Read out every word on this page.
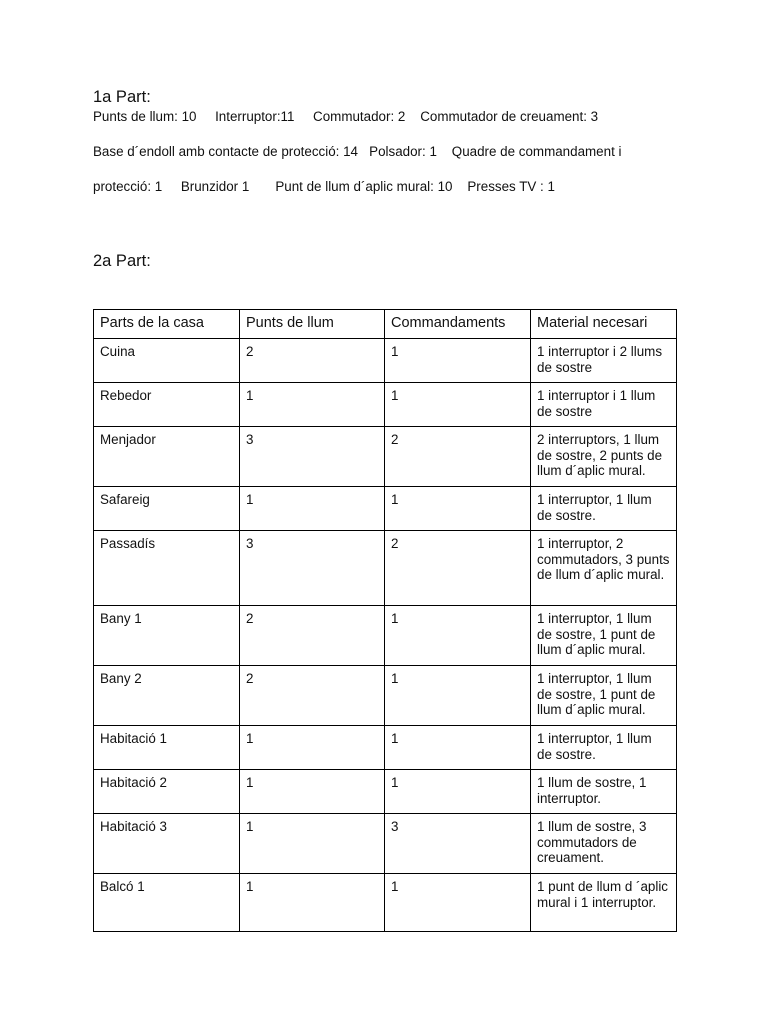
1a Part:

Punts de llum: 10     Interruptor:11     Commutador: 2    Commutador de creuament: 3

Base d´endoll amb contacte de protecció: 14   Polsador: 1    Quadre de commandament i

protecció: 1     Brunzidor 1       Punt de llum d´aplic mural: 10    Presses TV : 1

2a Part:
Parts de la casa	Punts de llum	Commandaments	Material necesari
Cuina	2	1	1 interruptor i 2 llums de sostre
Rebedor	1	1	1 interruptor i 1 llum de sostre
Menjador	3	2	2 interruptors, 1 llum de sostre, 2 punts de llum d´aplic mural.
Safareig	1	1	1 interruptor, 1 llum de sostre.
Passadís	3	2	1 interruptor, 2 commutadors, 3 punts de llum d´aplic mural.
Bany 1	2	1	1 interruptor, 1 llum de sostre, 1 punt de llum d´aplic mural.
Bany 2	2	1	1 interruptor, 1 llum de sostre, 1 punt de llum d´aplic mural.
Habitació 1	1	1	1 interruptor, 1 llum de sostre.
Habitació 2	1	1	1 llum de sostre, 1 interruptor.
Habitació 3	1	3	1 llum de sostre, 3 commutadors de creuament.
Balcó 1	1	1	1 punt de llum d ´aplic mural i 1 interruptor.
